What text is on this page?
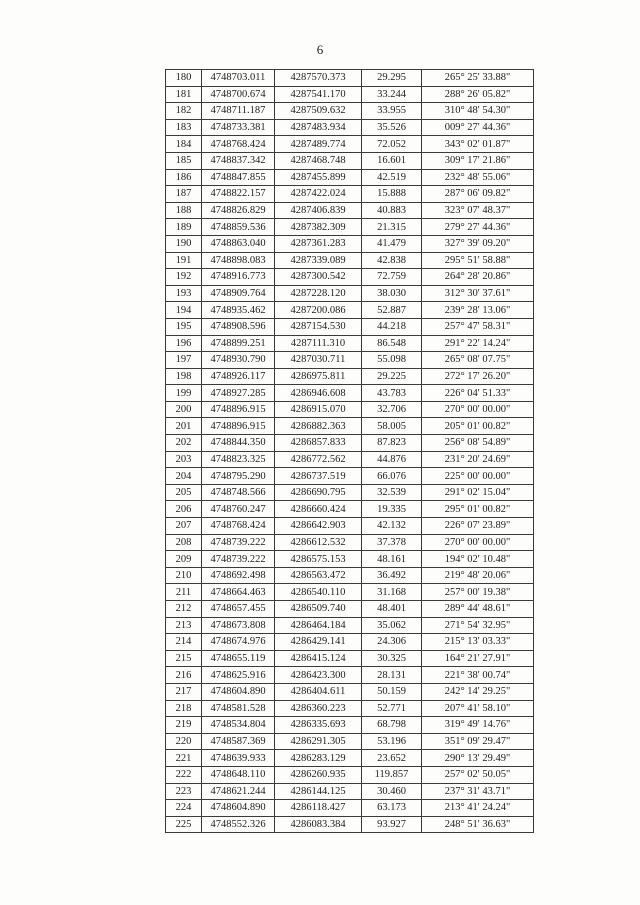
6
180	4748703.011	4287570.373	29.295	265° 25' 33.88"
181	4748700.674	4287541.170	33.244	288° 26' 05.82"
182	4748711.187	4287509.632	33.955	310° 48' 54.30"
183	4748733.381	4287483.934	35.526	009° 27' 44.36"
184	4748768.424	4287489.774	72.052	343° 02' 01.87"
185	4748837.342	4287468.748	16.601	309° 17' 21.86"
186	4748847.855	4287455.899	42.519	232° 48' 55.06"
187	4748822.157	4287422.024	15.888	287° 06' 09.82"
188	4748826.829	4287406.839	40.883	323° 07' 48.37"
189	4748859.536	4287382.309	21.315	279° 27' 44.36"
190	4748863.040	4287361.283	41.479	327° 39' 09.20"
191	4748898.083	4287339.089	42.838	295° 51' 58.88"
192	4748916.773	4287300.542	72.759	264° 28' 20.86"
193	4748909.764	4287228.120	38.030	312° 30' 37.61"
194	4748935.462	4287200.086	52.887	239° 28' 13.06"
195	4748908.596	4287154.530	44.218	257° 47' 58.31"
196	4748899.251	4287111.310	86.548	291° 22' 14.24"
197	4748930.790	4287030.711	55.098	265° 08' 07.75"
198	4748926.117	4286975.811	29.225	272° 17' 26.20"
199	4748927.285	4286946.608	43.783	226° 04' 51.33"
200	4748896.915	4286915.070	32.706	270° 00' 00.00"
201	4748896.915	4286882.363	58.005	205° 01' 00.82"
202	4748844.350	4286857.833	87.823	256° 08' 54.89"
203	4748823.325	4286772.562	44.876	231° 20' 24.69"
204	4748795.290	4286737.519	66.076	225° 00' 00.00"
205	4748748.566	4286690.795	32.539	291° 02' 15.04"
206	4748760.247	4286660.424	19.335	295° 01' 00.82"
207	4748768.424	4286642.903	42.132	226° 07' 23.89"
208	4748739.222	4286612.532	37.378	270° 00' 00.00"
209	4748739.222	4286575.153	48.161	194° 02' 10.48"
210	4748692.498	4286563.472	36.492	219° 48' 20.06"
211	4748664.463	4286540.110	31.168	257° 00' 19.38"
212	4748657.455	4286509.740	48.401	289° 44' 48.61"
213	4748673.808	4286464.184	35.062	271° 54' 32.95"
214	4748674.976	4286429.141	24.306	215° 13' 03.33"
215	4748655.119	4286415.124	30.325	164° 21' 27.91"
216	4748625.916	4286423.300	28.131	221° 38' 00.74"
217	4748604.890	4286404.611	50.159	242° 14' 29.25"
218	4748581.528	4286360.223	52.771	207° 41' 58.10"
219	4748534.804	4286335.693	68.798	319° 49' 14.76"
220	4748587.369	4286291.305	53.196	351° 09' 29.47"
221	4748639.933	4286283.129	23.652	290° 13' 29.49"
222	4748648.110	4286260.935	119.857	257° 02' 50.05"
223	4748621.244	4286144.125	30.460	237° 31' 43.71"
224	4748604.890	4286118.427	63.173	213° 41' 24.24"
225	4748552.326	4286083.384	93.927	248° 51' 36.63"
